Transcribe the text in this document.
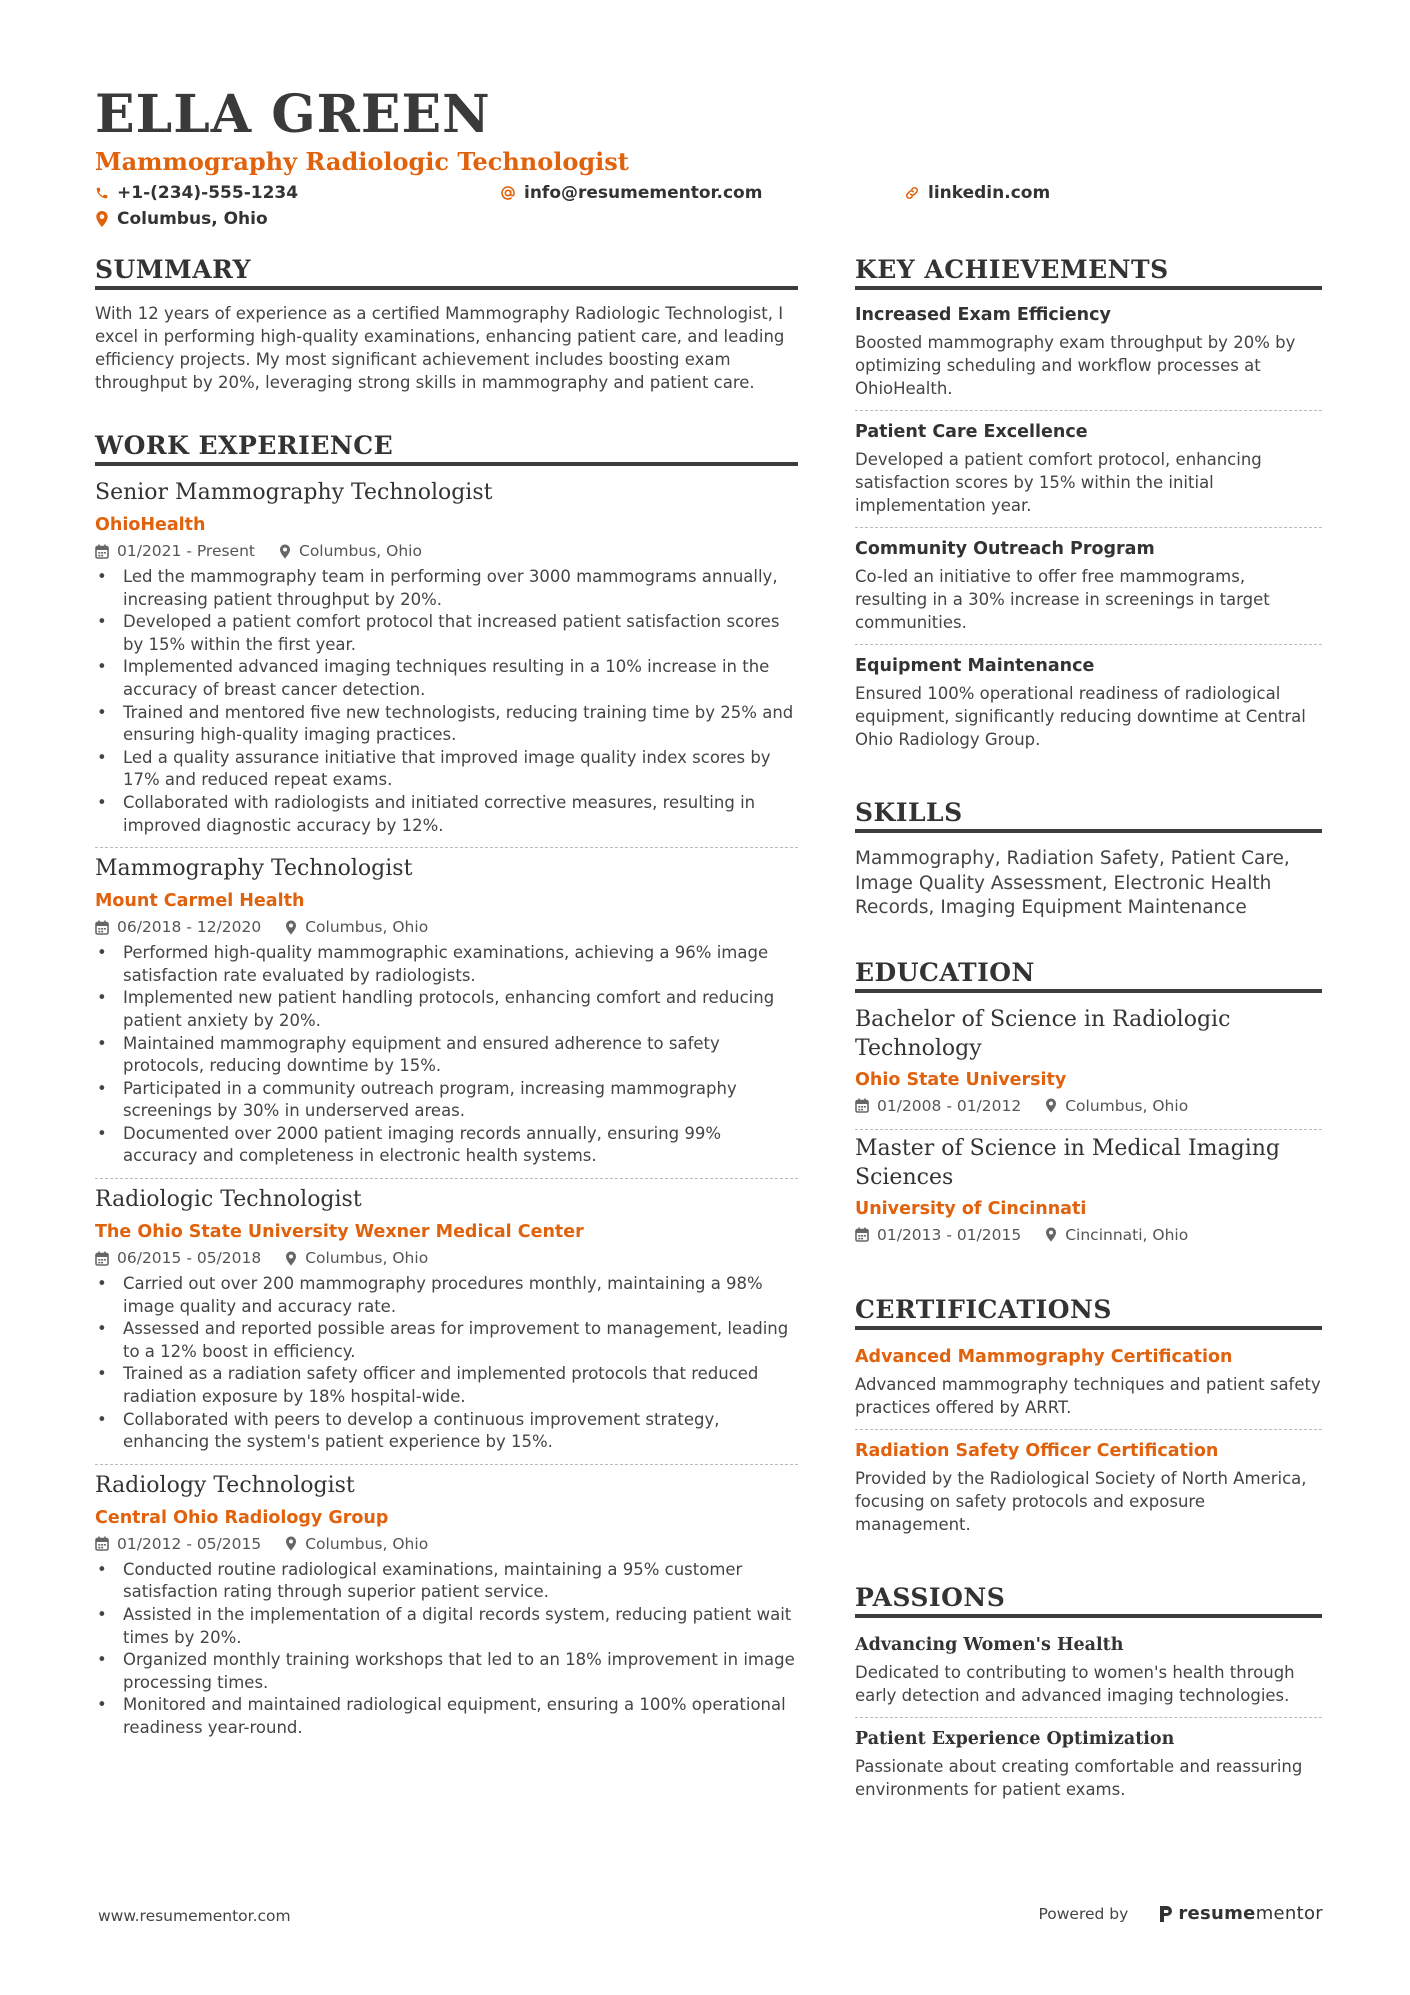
ELLA GREEN
Mammography Radiologic Technologist
+1-(234)-555-1234	info@resumementor.com	linkedin.com
Columbus, Ohio
SUMMARY

With 12 years of experience as a certified Mammography Radiologic Technologist, I excel in performing high-quality examinations, enhancing patient care, and leading efficiency projects. My most significant achievement includes boosting exam throughput by 20%, leveraging strong skills in mammography and patient care.

WORK EXPERIENCE
Senior Mammography Technologist
OhioHealth
01/2021 - Present	Columbus, Ohio
• Led the mammography team in performing over 3000 mammograms annually, increasing patient throughput by 20%.
• Developed a patient comfort protocol that increased patient satisfaction scores by 15% within the first year.
• Implemented advanced imaging techniques resulting in a 10% increase in the accuracy of breast cancer detection.
• Trained and mentored five new technologists, reducing training time by 25% and ensuring high-quality imaging practices.
• Led a quality assurance initiative that improved image quality index scores by 17% and reduced repeat exams.
• Collaborated with radiologists and initiated corrective measures, resulting in improved diagnostic accuracy by 12%.
Mammography Technologist
Mount Carmel Health
06/2018 - 12/2020	Columbus, Ohio
• Performed high-quality mammographic examinations, achieving a 96% image satisfaction rate evaluated by radiologists.
• Implemented new patient handling protocols, enhancing comfort and reducing patient anxiety by 20%.
• Maintained mammography equipment and ensured adherence to safety protocols, reducing downtime by 15%.
• Participated in a community outreach program, increasing mammography screenings by 30% in underserved areas.
• Documented over 2000 patient imaging records annually, ensuring 99% accuracy and completeness in electronic health systems.
Radiologic Technologist
The Ohio State University Wexner Medical Center
06/2015 - 05/2018	Columbus, Ohio
• Carried out over 200 mammography procedures monthly, maintaining a 98% image quality and accuracy rate.
• Assessed and reported possible areas for improvement to management, leading to a 12% boost in efficiency.
• Trained as a radiation safety officer and implemented protocols that reduced radiation exposure by 18% hospital-wide.
• Collaborated with peers to develop a continuous improvement strategy, enhancing the system's patient experience by 15%.
Radiology Technologist
Central Ohio Radiology Group
01/2012 - 05/2015	Columbus, Ohio
• Conducted routine radiological examinations, maintaining a 95% customer satisfaction rating through superior patient service.
• Assisted in the implementation of a digital records system, reducing patient wait times by 20%.
• Organized monthly training workshops that led to an 18% improvement in image processing times.
• Monitored and maintained radiological equipment, ensuring a 100% operational readiness year-round.
KEY ACHIEVEMENTS
Increased Exam Efficiency
Boosted mammography exam throughput by 20% by optimizing scheduling and workflow processes at OhioHealth.
Patient Care Excellence
Developed a patient comfort protocol, enhancing satisfaction scores by 15% within the initial implementation year.
Community Outreach Program
Co-led an initiative to offer free mammograms, resulting in a 30% increase in screenings in target communities.
Equipment Maintenance
Ensured 100% operational readiness of radiological equipment, significantly reducing downtime at Central Ohio Radiology Group.
SKILLS
Mammography, Radiation Safety, Patient Care, Image Quality Assessment, Electronic Health Records, Imaging Equipment Maintenance
EDUCATION
Bachelor of Science in Radiologic Technology
Ohio State University
01/2008 - 01/2012	Columbus, Ohio
Master of Science in Medical Imaging Sciences
University of Cincinnati
01/2013 - 01/2015	Cincinnati, Ohio
CERTIFICATIONS
Advanced Mammography Certification
Advanced mammography techniques and patient safety practices offered by ARRT.
Radiation Safety Officer Certification
Provided by the Radiological Society of North America, focusing on safety protocols and exposure management.
PASSIONS
Advancing Women's Health
Dedicated to contributing to women's health through early detection and advanced imaging technologies.
Patient Experience Optimization
Passionate about creating comfortable and reassuring environments for patient exams.
www.resumementor.com	Powered by	resumementor
